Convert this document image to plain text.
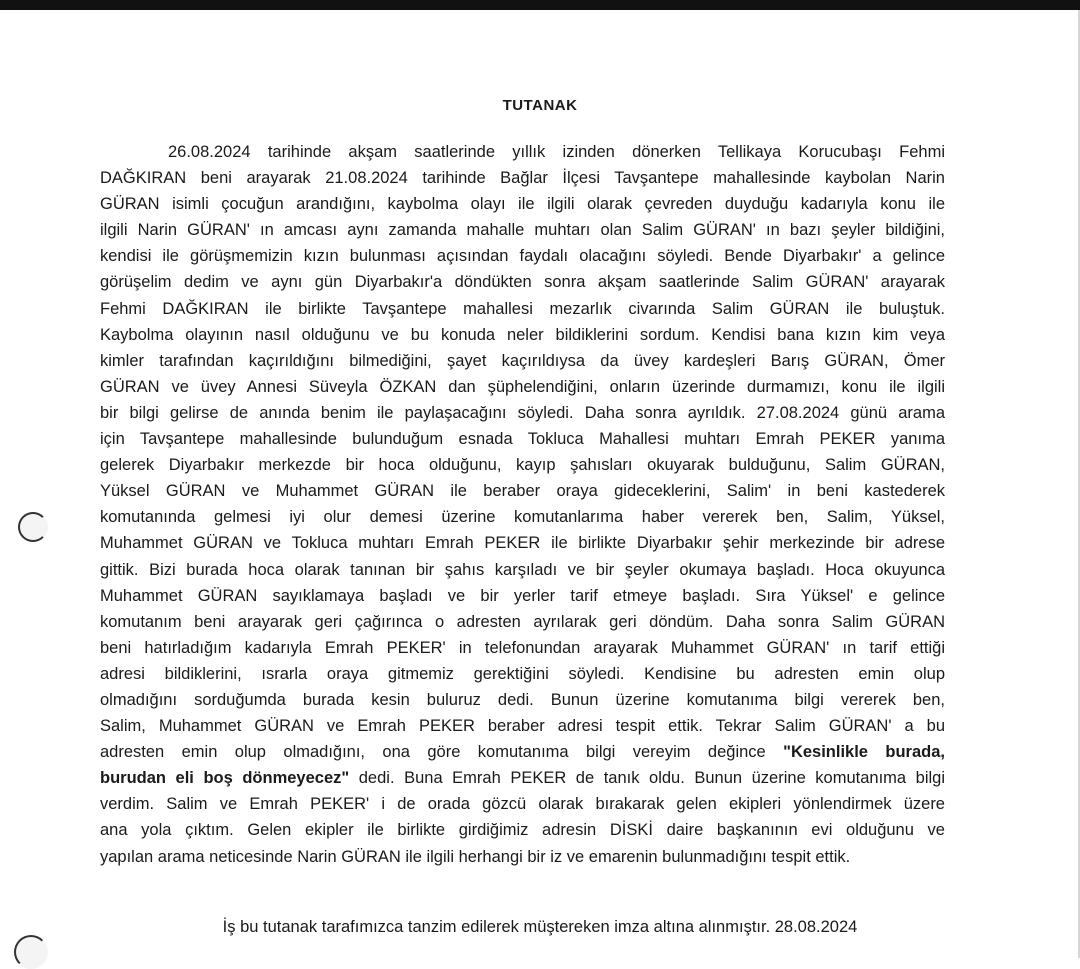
TUTANAK
26.08.2024 tarihinde akşam saatlerinde yıllık izinden dönerken Tellikaya Korucubaşı Fehmi
DAĞKIRAN beni arayarak 21.08.2024 tarihinde Bağlar İlçesi Tavşantepe mahallesinde kaybolan Narin
GÜRAN isimli çocuğun arandığını, kaybolma olayı ile ilgili olarak çevreden duyduğu kadarıyla konu ile
ilgili Narin GÜRAN' ın amcası aynı zamanda mahalle muhtarı olan Salim GÜRAN' ın bazı şeyler bildiğini,
kendisi ile görüşmemizin kızın bulunması açısından faydalı olacağını söyledi. Bende Diyarbakır' a gelince
görüşelim dedim ve aynı gün Diyarbakır'a döndükten sonra akşam saatlerinde Salim GÜRAN' arayarak
Fehmi DAĞKIRAN ile birlikte Tavşantepe mahallesi mezarlık civarında Salim GÜRAN ile buluştuk.
Kaybolma olayının nasıl olduğunu ve bu konuda neler bildiklerini sordum. Kendisi bana kızın kim veya
kimler tarafından kaçırıldığını bilmediğini, şayet kaçırıldıysa da üvey kardeşleri Barış GÜRAN, Ömer
GÜRAN ve üvey Annesi Süveyla ÖZKAN dan şüphelendiğini, onların üzerinde durmamızı, konu ile ilgili
bir bilgi gelirse de anında benim ile paylaşacağını söyledi. Daha sonra ayrıldık. 27.08.2024 günü arama
için Tavşantepe mahallesinde bulunduğum esnada Tokluca Mahallesi muhtarı Emrah PEKER yanıma
gelerek Diyarbakır merkezde bir hoca olduğunu, kayıp şahısları okuyarak bulduğunu, Salim GÜRAN,
Yüksel GÜRAN ve Muhammet GÜRAN ile beraber oraya gideceklerini, Salim' in beni kastederek
komutanında gelmesi iyi olur demesi üzerine komutanlarıma haber vererek ben, Salim, Yüksel,
Muhammet GÜRAN ve Tokluca muhtarı Emrah PEKER ile birlikte Diyarbakır şehir merkezinde bir adrese
gittik. Bizi burada hoca olarak tanınan bir şahıs karşıladı ve bir şeyler okumaya başladı. Hoca okuyunca
Muhammet GÜRAN sayıklamaya başladı ve bir yerler tarif etmeye başladı. Sıra Yüksel' e gelince
komutanım beni arayarak geri çağırınca o adresten ayrılarak geri döndüm. Daha sonra Salim GÜRAN
beni hatırladığım kadarıyla Emrah PEKER' in telefonundan arayarak Muhammet GÜRAN' ın tarif ettiği
adresi bildiklerini, ısrarla oraya gitmemiz gerektiğini söyledi. Kendisine bu adresten emin olup
olmadığını sorduğumda burada kesin buluruz dedi. Bunun üzerine komutanıma bilgi vererek ben,
Salim, Muhammet GÜRAN ve Emrah PEKER beraber adresi tespit ettik. Tekrar Salim GÜRAN' a bu
adresten emin olup olmadığını, ona göre komutanıma bilgi vereyim değince "Kesinlikle burada,
burudan eli boş dönmeyecez" dedi. Buna Emrah PEKER de tanık oldu. Bunun üzerine komutanıma bilgi
verdim. Salim ve Emrah PEKER' i de orada gözcü olarak bırakarak gelen ekipleri yönlendirmek üzere
ana yola çıktım. Gelen ekipler ile birlikte girdiğimiz adresin DİSKİ daire başkanının evi olduğunu ve
yapılan arama neticesinde Narin GÜRAN ile ilgili herhangi bir iz ve emarenin bulunmadığını tespit ettik.
İş bu tutanak tarafımızca tanzim edilerek müştereken imza altına alınmıştır. 28.08.2024
